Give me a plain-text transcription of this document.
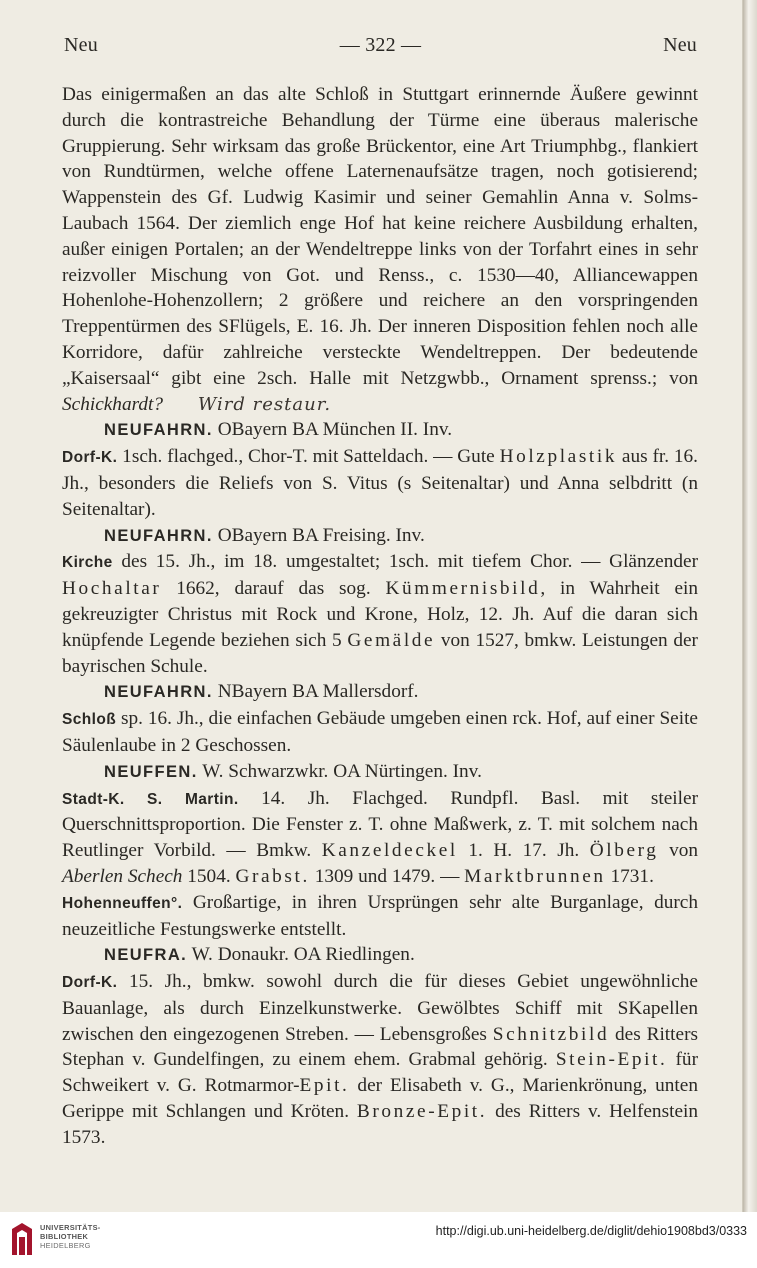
Neu	— 322 —	Neu

Das einigermaßen an das alte Schloß in Stuttgart erinnernde Äußere gewinnt durch die kontrastreiche Behandlung der Türme eine überaus malerische Gruppierung. Sehr wirksam das große Brückentor, eine Art Triumphbg., flankiert von Rundtürmen, welche offene Laternenaufsätze tragen, noch gotisierend; Wappenstein des Gf. Ludwig Kasimir und seiner Gemahlin Anna v. Solms-Laubach 1564. Der ziemlich enge Hof hat keine reichere Ausbildung erhalten, außer einigen Portalen; an der Wendeltreppe links von der Torfahrt eines in sehr reizvoller Mischung von Got. und Renss., c. 1530—40, Alliancewappen Hohenlohe-Hohenzollern; 2 größere und reichere an den vorspringenden Treppentürmen des SFlügels, E. 16. Jh. Der inneren Disposition fehlen noch alle Korridore, dafür zahlreiche versteckte Wendeltreppen. Der bedeutende „Kaisersaal“ gibt eine 2sch. Halle mit Netzgwbb., Ornament sprenss.; von Schickhardt? Wird restaur.

NEUFAHRN. OBayern BA München II. Inv.

Dorf-K. 1sch. flachged., Chor-T. mit Satteldach. — Gute Holzplastik aus fr. 16. Jh., besonders die Reliefs von S. Vitus (s Seitenaltar) und Anna selbdritt (n Seitenaltar).

NEUFAHRN. OBayern BA Freising. Inv.

Kirche des 15. Jh., im 18. umgestaltet; 1sch. mit tiefem Chor. — Glänzender Hochaltar 1662, darauf das sog. Kümmernisbild, in Wahrheit ein gekreuzigter Christus mit Rock und Krone, Holz, 12. Jh. Auf die daran sich knüpfende Legende beziehen sich 5 Gemälde von 1527, bmkw. Leistungen der bayrischen Schule.

NEUFAHRN. NBayern BA Mallersdorf.

Schloß sp. 16. Jh., die einfachen Gebäude umgeben einen rck. Hof, auf einer Seite Säulenlaube in 2 Geschossen.

NEUFFEN. W. Schwarzwkr. OA Nürtingen. Inv.

Stadt-K. S. Martin. 14. Jh. Flachged. Rundpfl. Basl. mit steiler Querschnittsproportion. Die Fenster z. T. ohne Maßwerk, z. T. mit solchem nach Reutlinger Vorbild. — Bmkw. Kanzeldeckel 1. H. 17. Jh. Ölberg von Aberlen Schech 1504. Grabst. 1309 und 1479. — Marktbrunnen 1731.

Hohenneuffen°. Großartige, in ihren Ursprüngen sehr alte Burganlage, durch neuzeitliche Festungswerke entstellt.

NEUFRA. W. Donaukr. OA Riedlingen.

Dorf-K. 15. Jh., bmkw. sowohl durch die für dieses Gebiet ungewöhnliche Bauanlage, als durch Einzelkunstwerke. Gewölbtes Schiff mit SKapellen zwischen den eingezogenen Streben. — Lebensgroßes Schnitzbild des Ritters Stephan v. Gundelfingen, zu einem ehem. Grabmal gehörig. Stein-Epit. für Schweikert v. G. Rotmarmor-Epit. der Elisabeth v. G., Marienkrönung, unten Gerippe mit Schlangen und Kröten. Bronze-Epit. des Ritters v. Helfenstein 1573.

UNIVERSITÄTS-
BIBLIOTHEK
HEIDELBERG
http://digi.ub.uni-heidelberg.de/diglit/dehio1908bd3/0333
